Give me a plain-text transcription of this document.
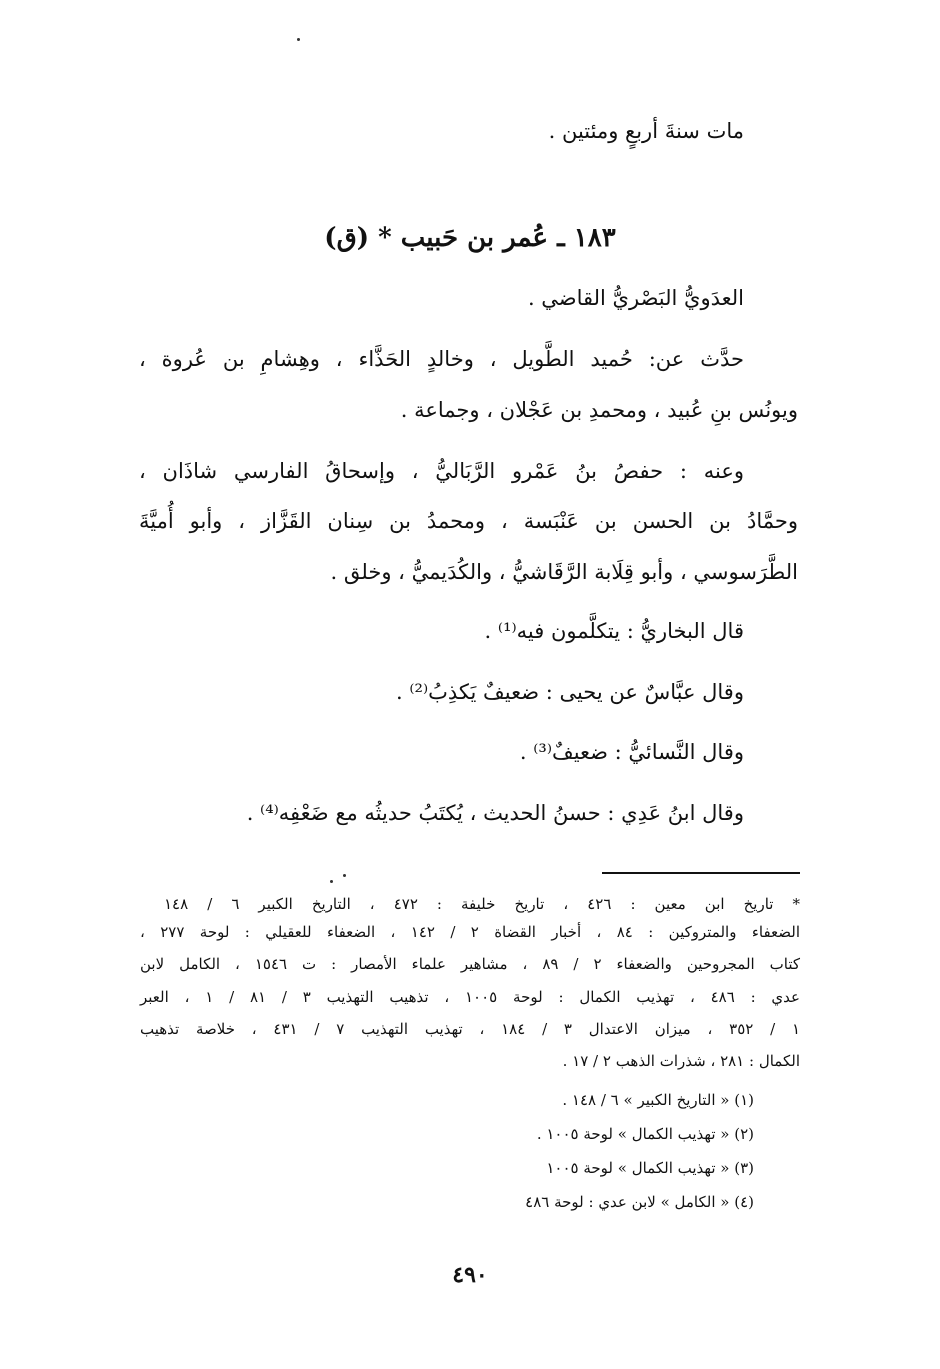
مات سنةَ أربعٍ ومئتين .
١٨٣ ـ عُمر بن حَبيب * (ق)
العدَويُّ البَصْريُّ القاضي .
حدَّث عن: حُميد الطَّويل ، وخالدٍ الحَذَّاء ، وهِشامِ بن عُروة ،
ويونُس بنِ عُبيد ، ومحمدِ بن عَجْلان ، وجماعة .
وعنه : حفصُ بنُ عَمْرو الرَّبَاليُّ ، وإسحاقُ الفارسي شاذَان ،
وحمَّادُ بن الحسن بن عَنْبَسة ، ومحمدُ بن سِنان القَزَّاز ، وأبو أُميَّةَ
الطَّرَسوسي ، وأبو قِلَابة الرَّقَاشيُّ ، والكُدَيميُّ ، وخلق .
قال البخاريُّ : يتكلَّمون فيه⁽¹⁾ .
وقال عبَّاسٌ عن يحيى : ضعيفٌ يَكذِبُ⁽²⁾ .
وقال النَّسائيُّ : ضعيفٌ⁽³⁾ .
وقال ابنُ عَدِي : حسنُ الحديث ، يُكتَبُ حديثُه مع ضَعْفِه⁽⁴⁾ .
* تاريخ ابن معين : ٤٢٦ ، تاريخ خليفة : ٤٧٢ ، التاريخ الكبير ٦ / ١٤٨
الضعفاء والمتروكين : ٨٤ ، أخبار القضاة ٢ / ١٤٢ ، الضعفاء للعقيلي : لوحة ٢٧٧ ،
كتاب المجروحين والضعفاء ٢ / ٨٩ ، مشاهير علماء الأمصار : ت ١٥٤٦ ، الكامل لابن
عدي : ٤٨٦ ، تهذيب الكمال : لوحة ١٠٠٥ ، تذهيب التهذيب ٣ / ٨١ / ١ ، العبر
١ / ٣٥٢ ، ميزان الاعتدال ٣ / ١٨٤ ، تهذيب التهذيب ٧ / ٤٣١ ، خلاصة تذهيب
الكمال : ٢٨١ ، شذرات الذهب ٢ / ١٧ .
(١) « التاريخ الكبير » ٦ / ١٤٨ .
(٢) « تهذيب الكمال » لوحة ١٠٠٥ .
(٣) « تهذيب الكمال » لوحة ١٠٠٥
(٤) « الكامل » لابن عدي : لوحة ٤٨٦
٤٩٠
